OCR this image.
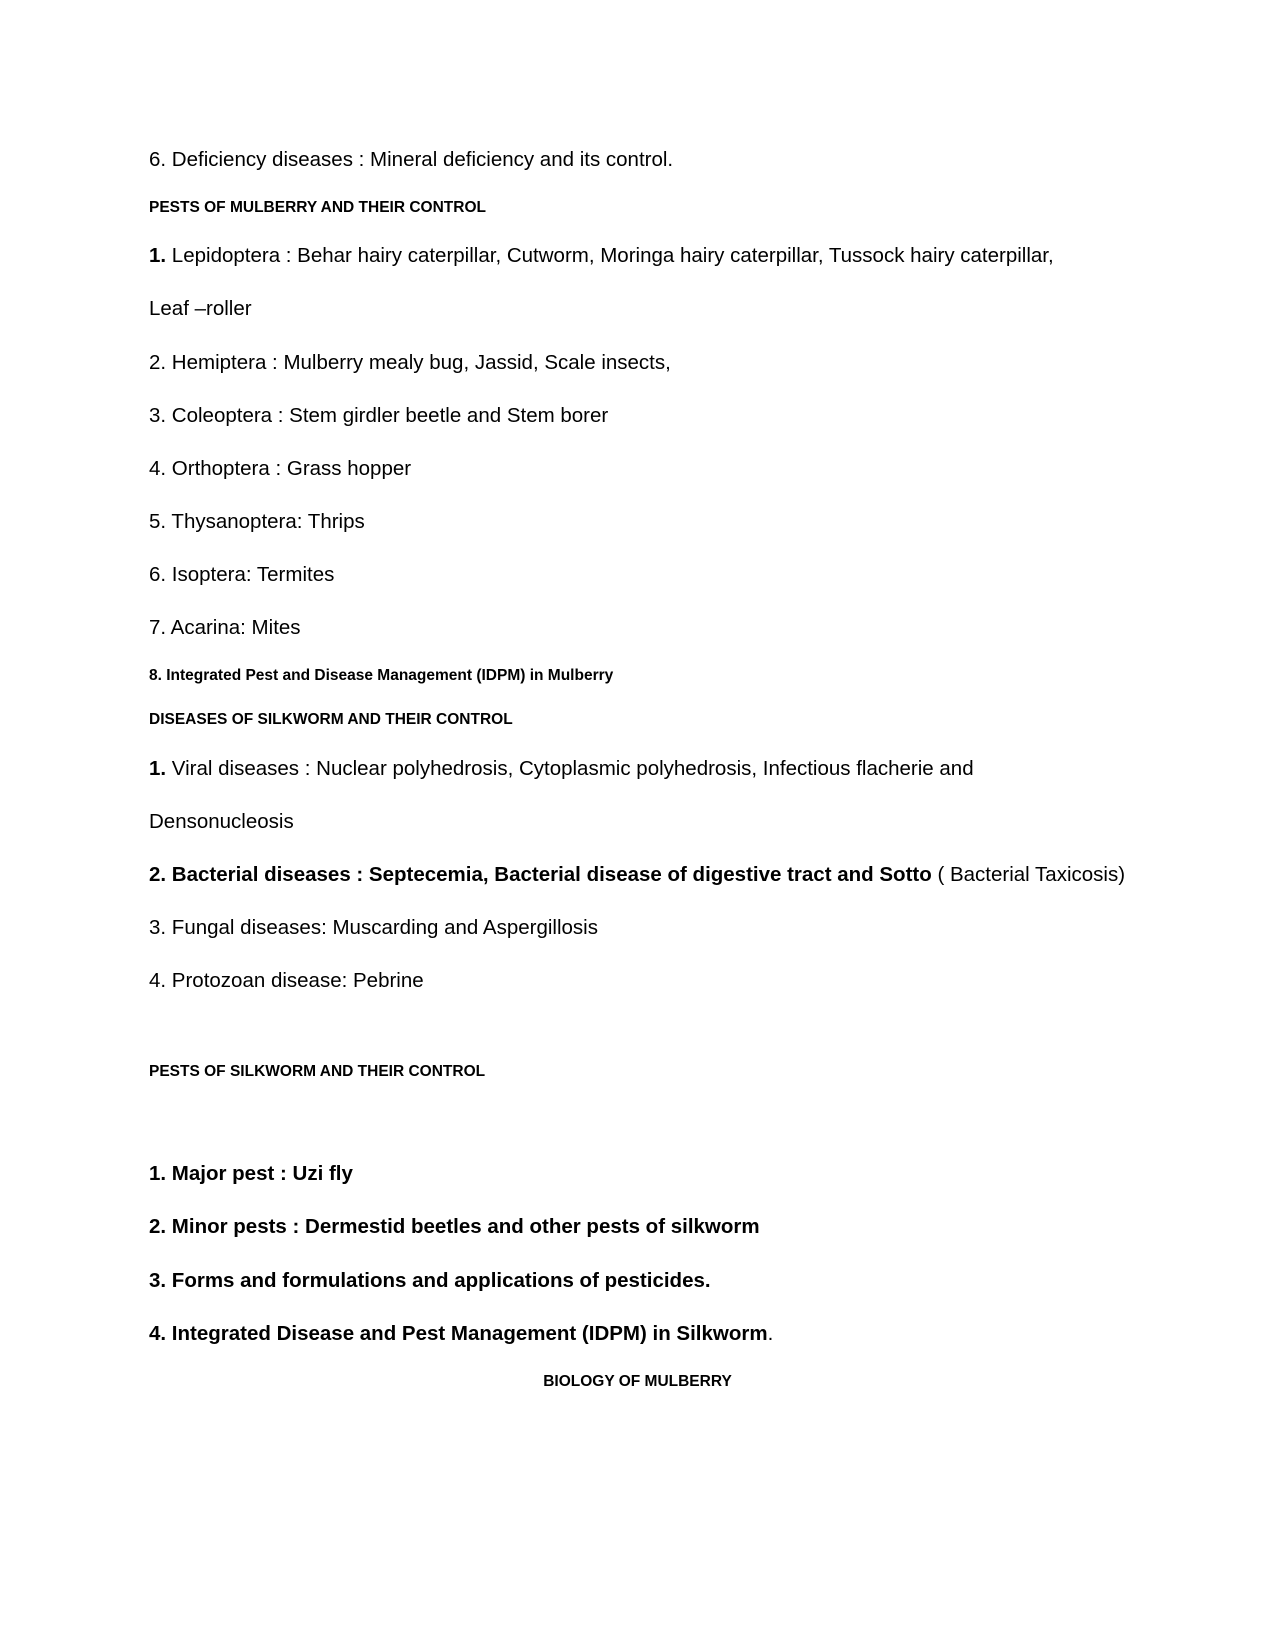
6. Deficiency diseases : Mineral deficiency and its control.
PESTS OF MULBERRY AND THEIR CONTROL
1. Lepidoptera : Behar hairy caterpillar, Cutworm, Moringa hairy caterpillar, Tussock hairy caterpillar,
Leaf –roller
2. Hemiptera : Mulberry mealy bug, Jassid, Scale insects,
3. Coleoptera : Stem girdler beetle and Stem borer
4. Orthoptera : Grass hopper
5. Thysanoptera: Thrips
6. Isoptera: Termites
7. Acarina: Mites
8. Integrated Pest and Disease Management (IDPM) in Mulberry
DISEASES OF SILKWORM AND THEIR CONTROL
1. Viral diseases : Nuclear polyhedrosis, Cytoplasmic polyhedrosis, Infectious flacherie and
Densonucleosis
2. Bacterial diseases : Septecemia, Bacterial disease of digestive tract and Sotto ( Bacterial Taxicosis)
3. Fungal diseases: Muscarding and Aspergillosis
4. Protozoan disease: Pebrine
PESTS OF SILKWORM AND THEIR CONTROL
1. Major pest : Uzi fly
2. Minor pests : Dermestid beetles and other pests of silkworm
3. Forms and formulations and applications of pesticides.
4. Integrated Disease and Pest Management (IDPM) in Silkworm.
BIOLOGY OF MULBERRY
